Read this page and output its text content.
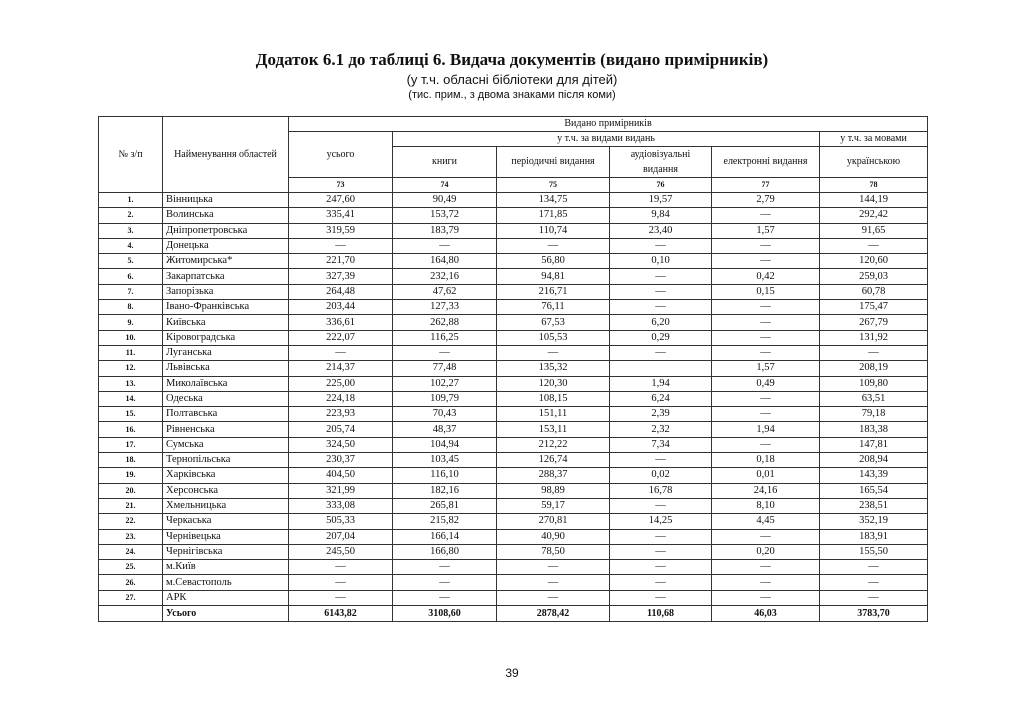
Додаток 6.1 до таблиці 6. Видача документів (видано примірників)
(у т.ч. обласні бібліотеки для дітей)
(тис. прим., з двома знаками після коми)
№ з/п	Найменування областей	Видано примірників					
		усього	у т.ч. за видами видань				у т.ч. за мовами
			книги	періодичні видання	аудіовізуальні видання	електронні видання	українською
		73	74	75	76	77	78
1.	Вінницька	247,60	90,49	134,75	19,57	2,79	144,19
2.	Волинська	335,41	153,72	171,85	9,84	—	292,42
3.	Дніпропетровська	319,59	183,79	110,74	23,40	1,57	91,65
4.	Донецька	—	—	—	—	—	—
5.	Житомирська*	221,70	164,80	56,80	0,10	—	120,60
6.	Закарпатська	327,39	232,16	94,81	—	0,42	259,03
7.	Запорізька	264,48	47,62	216,71	—	0,15	60,78
8.	Івано-Франківська	203,44	127,33	76,11	—	—	175,47
9.	Київська	336,61	262,88	67,53	6,20	—	267,79
10.	Кіровоградська	222,07	116,25	105,53	0,29	—	131,92
11.	Луганська	—	—	—	—	—	—
12.	Львівська	214,37	77,48	135,32		1,57	208,19
13.	Миколаївська	225,00	102,27	120,30	1,94	0,49	109,80
14.	Одеська	224,18	109,79	108,15	6,24	—	63,51
15.	Полтавська	223,93	70,43	151,11	2,39	—	79,18
16.	Рівненська	205,74	48,37	153,11	2,32	1,94	183,38
17.	Сумська	324,50	104,94	212,22	7,34	—	147,81
18.	Тернопільська	230,37	103,45	126,74	—	0,18	208,94
19.	Харківська	404,50	116,10	288,37	0,02	0,01	143,39
20.	Херсонська	321,99	182,16	98,89	16,78	24,16	165,54
21.	Хмельницька	333,08	265,81	59,17	—	8,10	238,51
22.	Черкаська	505,33	215,82	270,81	14,25	4,45	352,19
23.	Чернівецька	207,04	166,14	40,90	—	—	183,91
24.	Чернігівська	245,50	166,80	78,50	—	0,20	155,50
25.	м.Київ	—	—	—	—	—	—
26.	м.Севастополь	—	—	—	—	—	—
27.	АРК	—	—	—	—	—	—
	Усього	6143,82	3108,60	2878,42	110,68	46,03	3783,70
39
